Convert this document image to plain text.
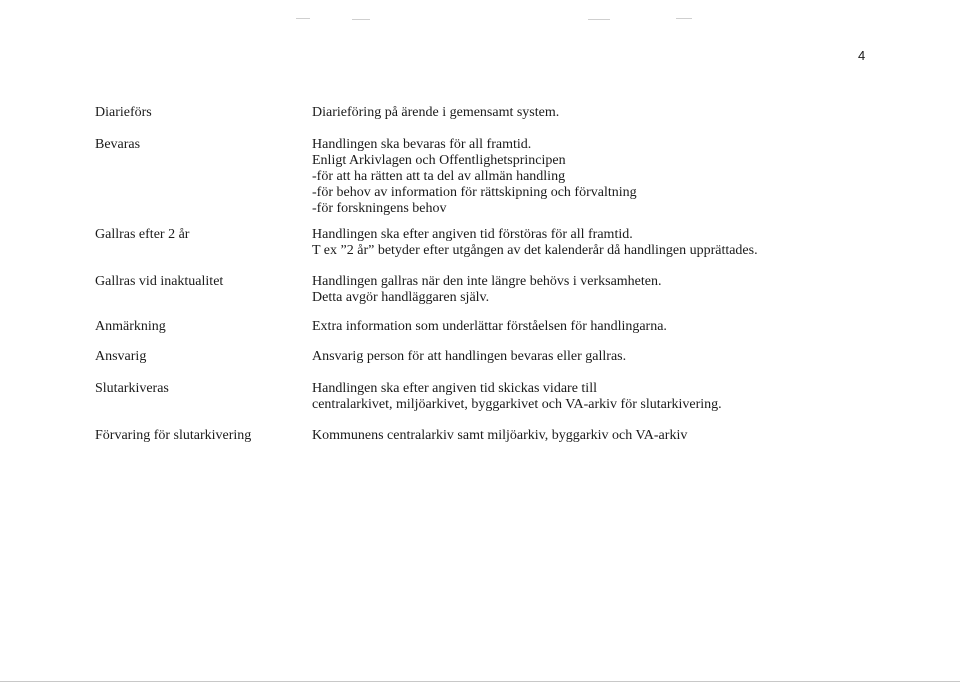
4
Diarieförs	Diarieföring på ärende i gemensamt system.
Bevaras	Handlingen ska bevaras för all framtid.
Enligt Arkivlagen och Offentlighetsprincipen
-för att ha rätten att ta del av allmän handling
-för behov av information för rättskipning och förvaltning
-för forskningens behov
Gallras efter 2 år	Handlingen ska efter angiven tid förstöras för all framtid.
T ex ”2 år” betyder efter utgången av det kalenderår då handlingen upprättades.
Gallras vid inaktualitet	Handlingen gallras när den inte längre behövs i verksamheten.
Detta avgör handläggaren själv.
Anmärkning	Extra information som underlättar förståelsen för handlingarna.
Ansvarig	Ansvarig person för att handlingen bevaras eller gallras.
Slutarkiveras	Handlingen ska efter angiven tid skickas vidare till
centralarkivet, miljöarkivet, byggarkivet och VA-arkiv för slutarkivering.
Förvaring för slutarkivering	Kommunens centralarkiv samt miljöarkiv, byggarkiv och VA-arkiv
